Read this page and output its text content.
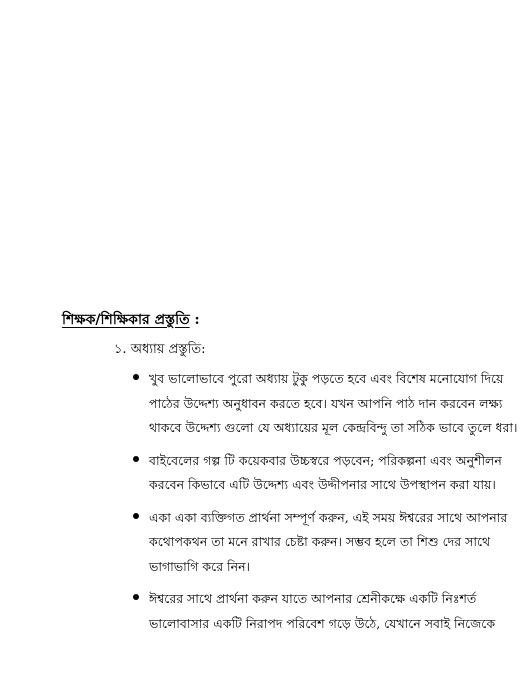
শিক্ষক/শিক্ষিকার প্রস্তুতি :
১. অধ্যায় প্রস্তুতি:
খুব ভালোভাবে পুরো অধ্যায় টুকু পড়তে হবে এবং বিশেষ মনোযোগ দিয়ে
পাঠের উদ্দেশ্য অনুধাবন করতে হবে। যখন আপনি পাঠ দান করবেন লক্ষ্য
থাকবে উদ্দেশ্য গুলো যে অধ্যায়ের মূল কেন্দ্রবিন্দু তা সঠিক ভাবে তুলে ধরা।
বাইবেলের গল্প টি কয়েকবার উচ্চস্বরে পড়বেন; পরিকল্পনা এবং অনুশীলন
করবেন কিভাবে এটি উদ্দেশ্য এবং উদ্দীপনার সাথে উপস্থাপন করা যায়।
একা একা ব্যক্তিগত প্রার্থনা সম্পূর্ণ করুন, এই সময় ঈশ্বরের সাথে আপনার
কথোপকথন তা মনে রাখার চেষ্টা করুন। সম্ভব হলে তা শিশু দের সাথে
ভাগাভাগি করে নিন।
ঈশ্বরের সাথে প্রার্থনা করুন যাতে আপনার শ্রেনীকক্ষে একটি নিঃশর্ত
ভালোবাসার একটি নিরাপদ পরিবেশ গড়ে উঠে, যেখানে সবাই নিজেকে
